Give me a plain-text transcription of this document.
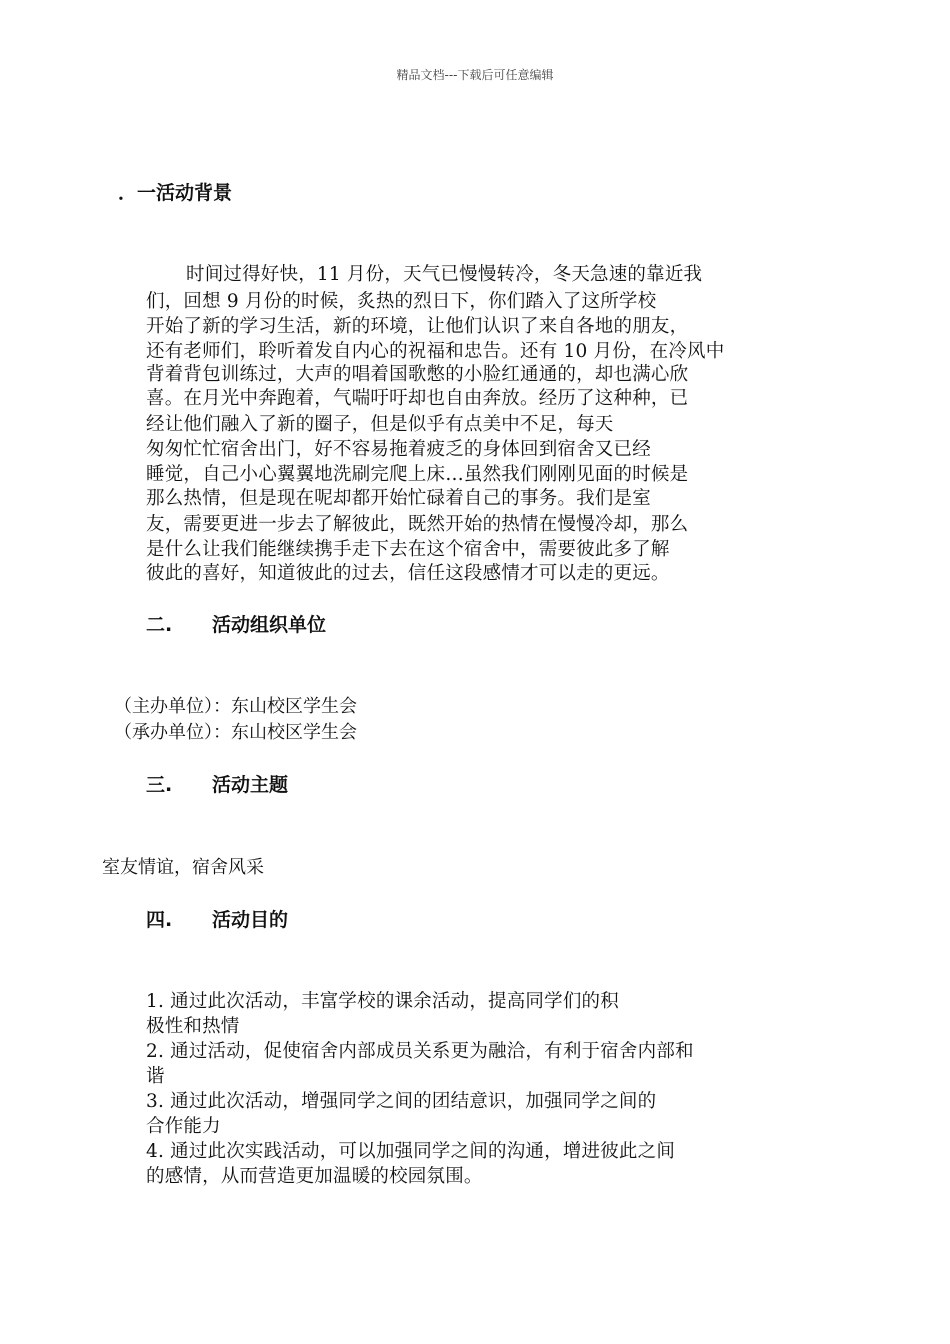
精品文档---下载后可任意编辑
．一活动背景
时间过得好快，11 月份，天气已慢慢转冷，冬天急速的靠近我
们，回想 9 月份的时候，炙热的烈日下，你们踏入了这所学校
开始了新的学习生活，新的环境，让他们认识了来自各地的朋友，
还有老师们，聆听着发自内心的祝福和忠告。还有 10 月份，在冷风中
背着背包训练过，大声的唱着国歌憋的小脸红通通的，却也满心欣
喜。在月光中奔跑着，气喘吁吁却也自由奔放。经历了这种种，已
经让他们融入了新的圈子，但是似乎有点美中不足，每天
匆匆忙忙宿舍出门，好不容易拖着疲乏的身体回到宿舍又已经
睡觉，自己小心翼翼地洗刷完爬上床…虽然我们刚刚见面的时候是
那么热情，但是现在呢却都开始忙碌着自己的事务。我们是室
友，需要更进一步去了解彼此，既然开始的热情在慢慢冷却，那么
是什么让我们能继续携手走下去在这个宿舍中，需要彼此多了解
彼此的喜好，知道彼此的过去，信任这段感情才可以走的更远。
二. 活动组织单位
（主办单位）：东山校区学生会
（承办单位）：东山校区学生会
三. 活动主题
室友情谊，宿舍风采
四. 活动目的
1. 通过此次活动，丰富学校的课余活动，提高同学们的积
极性和热情
2. 通过活动，促使宿舍内部成员关系更为融洽，有利于宿舍内部和
谐
3. 通过此次活动，增强同学之间的团结意识，加强同学之间的
合作能力
4. 通过此次实践活动，可以加强同学之间的沟通，增进彼此之间
的感情，从而营造更加温暖的校园氛围。
